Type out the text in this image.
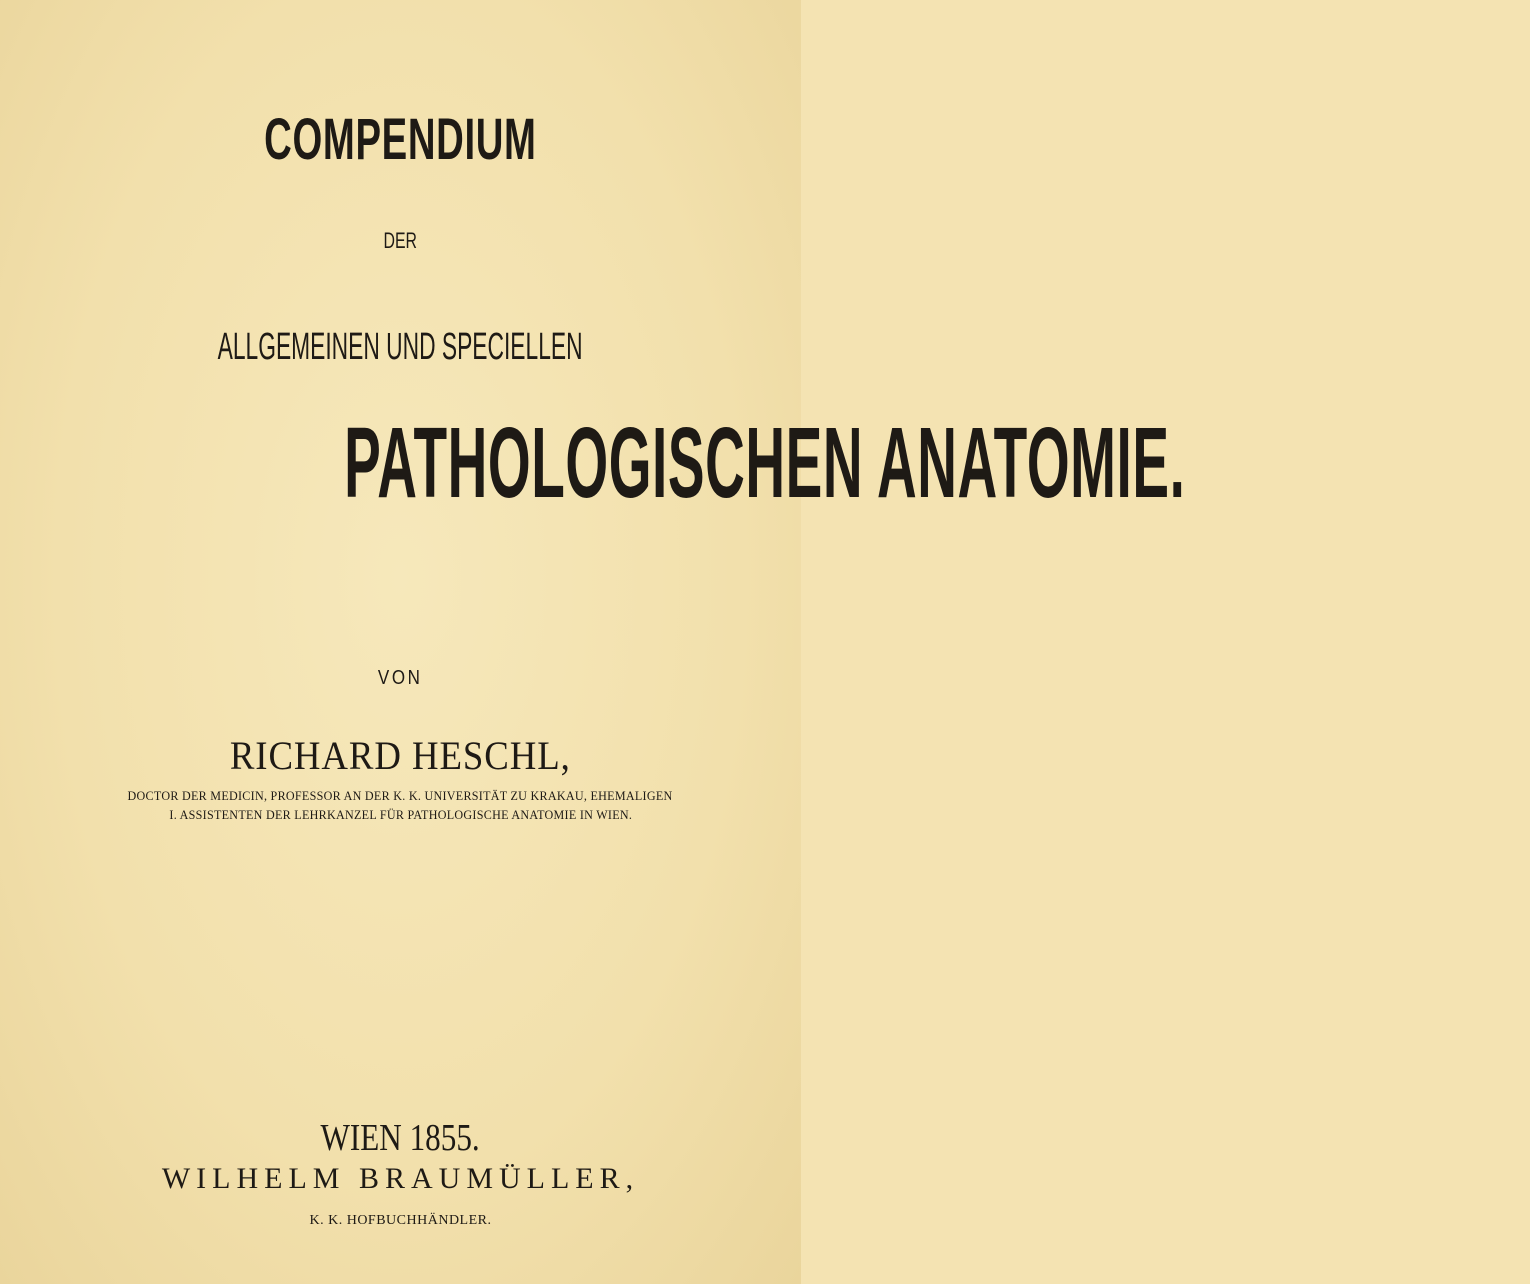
COMPENDIUM
DER
ALLGEMEINEN UND SPECIELLEN
PATHOLOGISCHEN ANATOMIE.
VON
RICHARD HESCHL,
DOCTOR DER MEDICIN, PROFESSOR AN DER K. K. UNIVERSITÄT ZU KRAKAU, EHEMALIGEN
I. ASSISTENTEN DER LEHRKANZEL FÜR PATHOLOGISCHE ANATOMIE IN WIEN.
WIEN 1855.
WILHELM BRAUMÜLLER,
K. K. HOFBUCHHÄNDLER.
